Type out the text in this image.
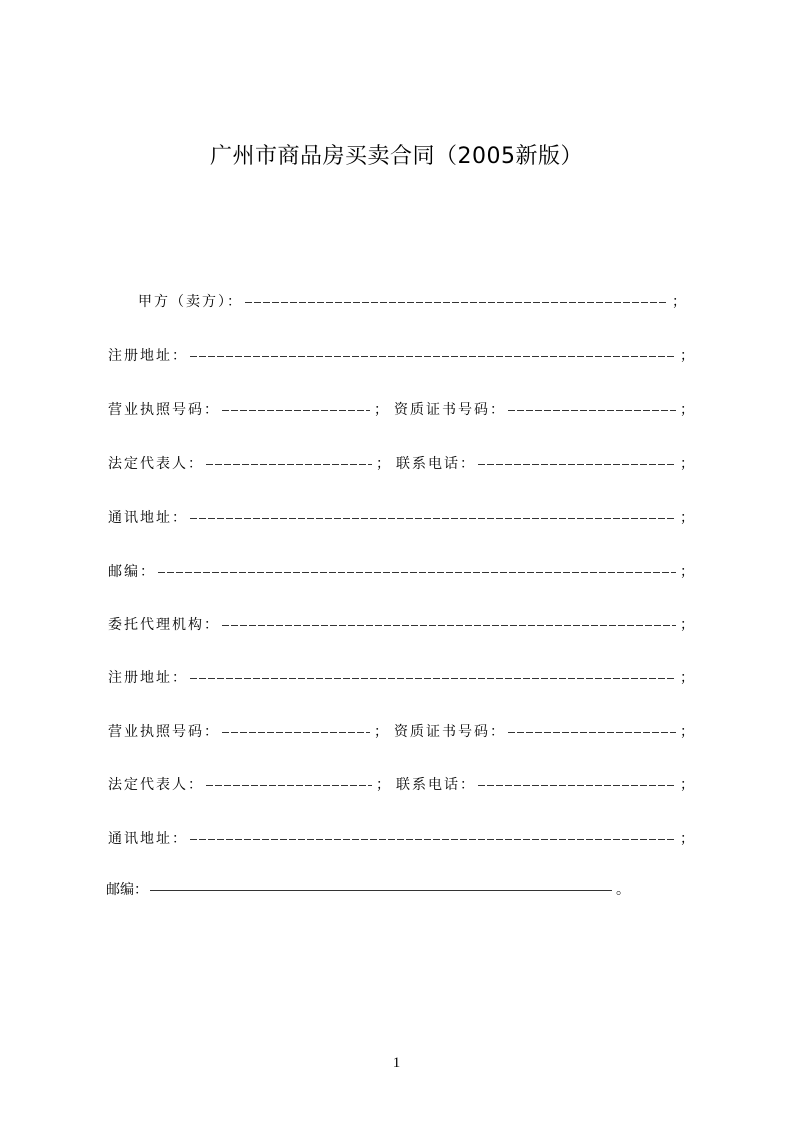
广州市商品房买卖合同（2005新版）
甲方（卖方）：	；
注册地址：	；
营业执照号码：	； 资质证书号码：	；
法定代表人：	； 联系电话：	；
通讯地址：	；
邮编：	；
委托代理机构：	；
注册地址：	；
营业执照号码：	； 资质证书号码：	；
法定代表人：	； 联系电话：	；
通讯地址：	；
邮编：	。
1
